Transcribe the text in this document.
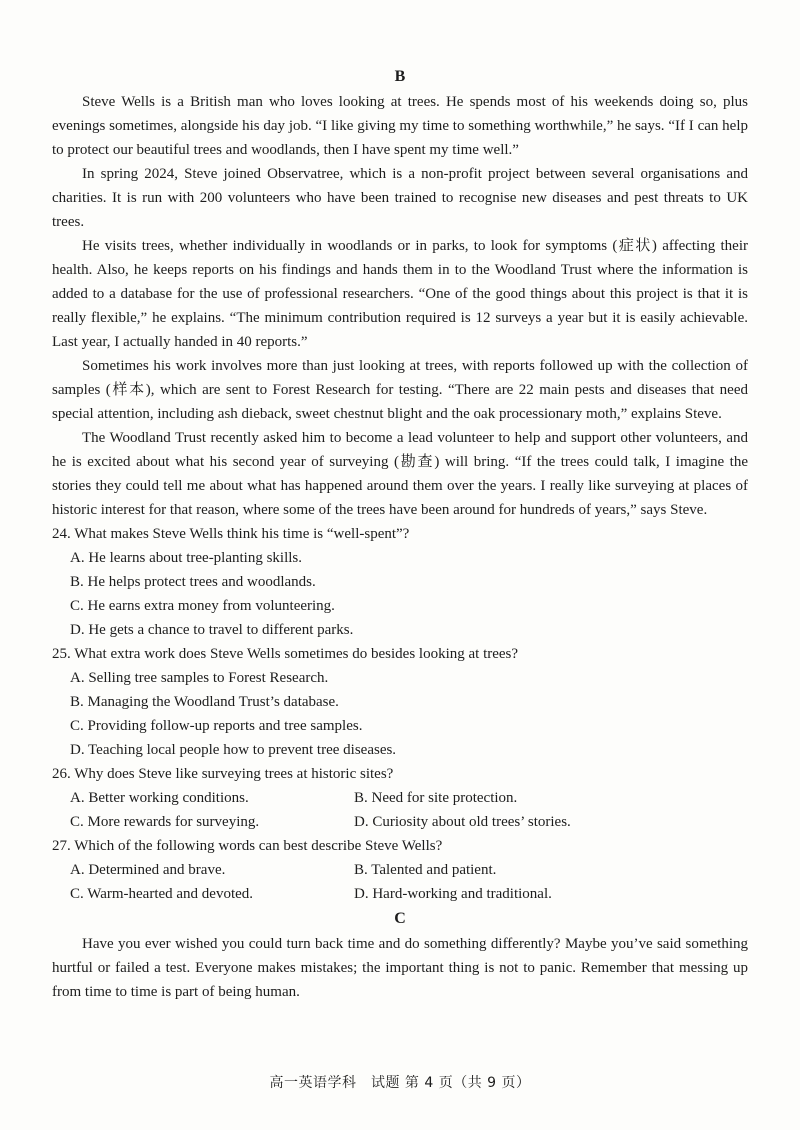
B

Steve Wells is a British man who loves looking at trees. He spends most of his weekends doing so, plus evenings sometimes, alongside his day job. “I like giving my time to something worthwhile,” he says. “If I can help to protect our beautiful trees and woodlands, then I have spent my time well.”

In spring 2024, Steve joined Observatree, which is a non-profit project between several organisations and charities. It is run with 200 volunteers who have been trained to recognise new diseases and pest threats to UK trees.

He visits trees, whether individually in woodlands or in parks, to look for symptoms (症状) affecting their health. Also, he keeps reports on his findings and hands them in to the Woodland Trust where the information is added to a database for the use of professional researchers. “One of the good things about this project is that it is really flexible,” he explains. “The minimum contribution required is 12 surveys a year but it is easily achievable. Last year, I actually handed in 40 reports.”

Sometimes his work involves more than just looking at trees, with reports followed up with the collection of samples (样本), which are sent to Forest Research for testing. “There are 22 main pests and diseases that need special attention, including ash dieback, sweet chestnut blight and the oak processionary moth,” explains Steve.

The Woodland Trust recently asked him to become a lead volunteer to help and support other volunteers, and he is excited about what his second year of surveying (勘查) will bring. “If the trees could talk, I imagine the stories they could tell me about what has happened around them over the years. I really like surveying at places of historic interest for that reason, where some of the trees have been around for hundreds of years,” says Steve.

24. What makes Steve Wells think his time is “well-spent”?

A. He learns about tree-planting skills.

B. He helps protect trees and woodlands.

C. He earns extra money from volunteering.

D. He gets a chance to travel to different parks.

25. What extra work does Steve Wells sometimes do besides looking at trees?

A. Selling tree samples to Forest Research.

B. Managing the Woodland Trust’s database.

C. Providing follow-up reports and tree samples.

D. Teaching local people how to prevent tree diseases.

26. Why does Steve like surveying trees at historic sites?

A. Better working conditions.	B. Need for site protection.
C. More rewards for surveying.	D. Curiosity about old trees’ stories.

27. Which of the following words can best describe Steve Wells?

A. Determined and brave.	B. Talented and patient.
C. Warm-hearted and devoted.	D. Hard-working and traditional.
C

Have you ever wished you could turn back time and do something differently? Maybe you’ve said something hurtful or failed a test. Everyone makes mistakes; the important thing is not to panic. Remember that messing up from time to time is part of being human.

高一英语学科　试题 第 4 页（共 9 页）
